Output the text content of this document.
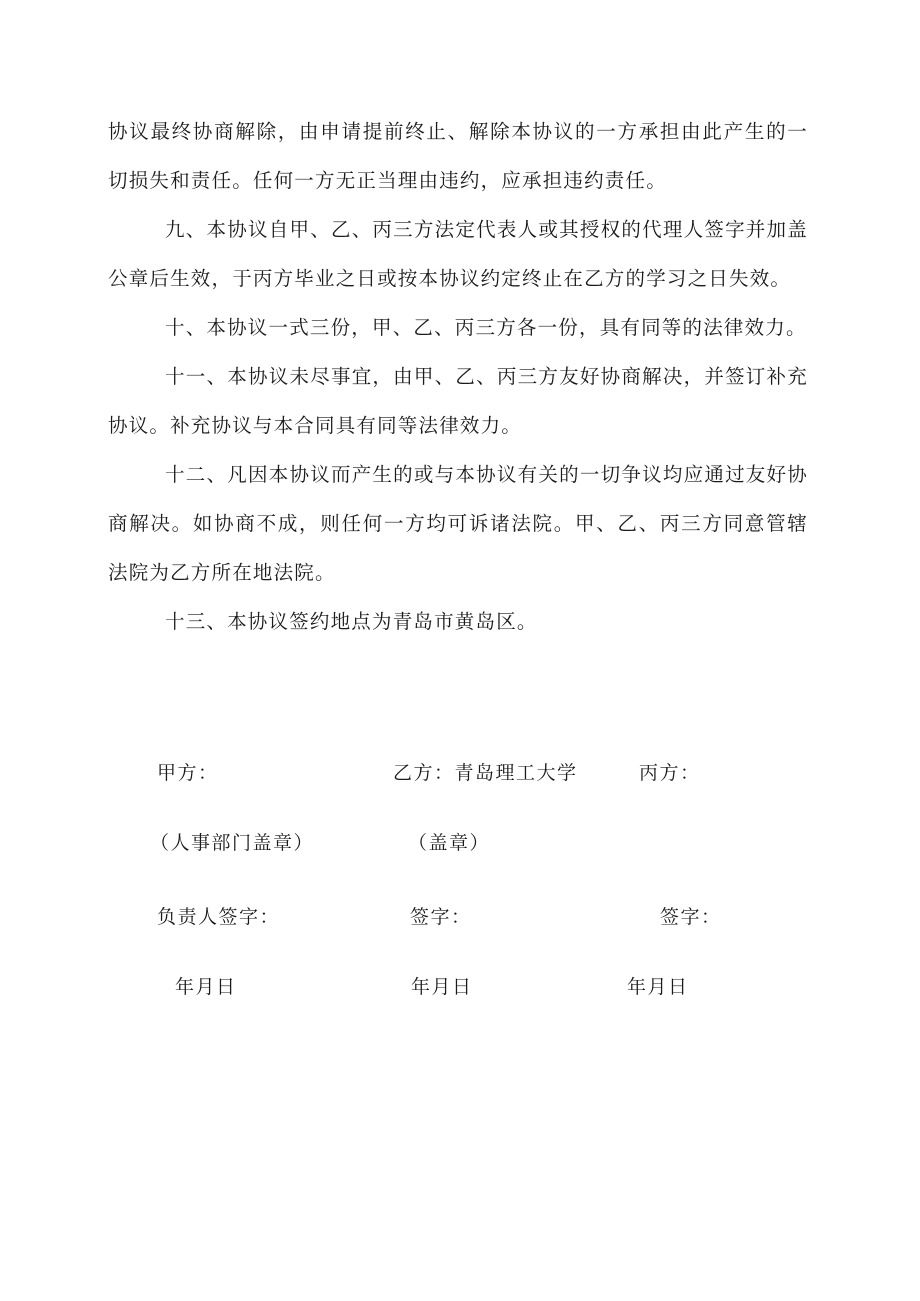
协议最终协商解除，由申请提前终止、解除本协议的一方承担由此产生的一切损失和责任。任何一方无正当理由违约，应承担违约责任。

九、本协议自甲、乙、丙三方法定代表人或其授权的代理人签字并加盖公章后生效，于丙方毕业之日或按本协议约定终止在乙方的学习之日失效。

十、本协议一式三份，甲、乙、丙三方各一份，具有同等的法律效力。

十一、本协议未尽事宜，由甲、乙、丙三方友好协商解决，并签订补充协议。补充协议与本合同具有同等法律效力。

十二、凡因本协议而产生的或与本协议有关的一切争议均应通过友好协商解决。如协商不成，则任何一方均可诉诸法院。甲、乙、丙三方同意管辖法院为乙方所在地法院。

十三、本协议签约地点为青岛市黄岛区。

甲方：	乙方：青岛理工大学	丙方：
（人事部门盖章）	（盖章）
负责人签字：	签字：	签字：
年月日	年月日	年月日
